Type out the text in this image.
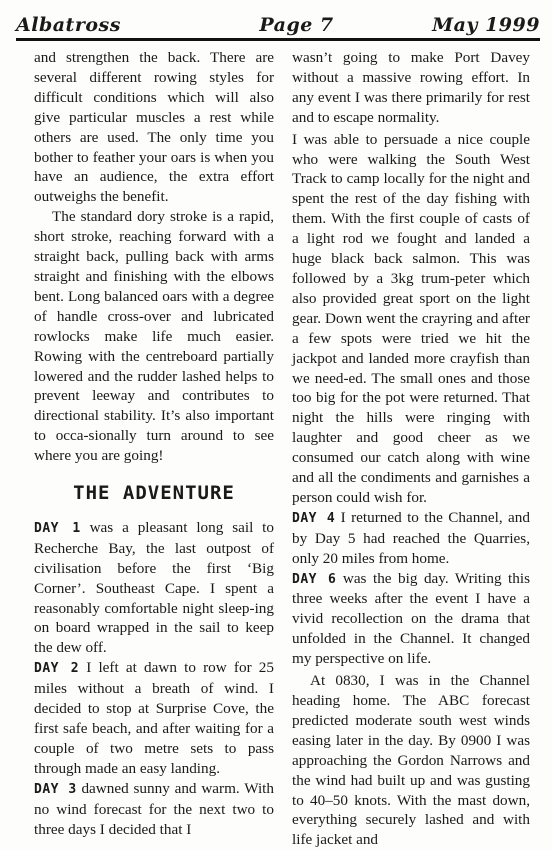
Albatross	Page 7	May 1999

and strengthen the back. There are several different rowing styles for difficult conditions which will also give particular muscles a rest while others are used. The only time you bother to feather your oars is when you have an audience, the extra effort outweighs the benefit.

The standard dory stroke is a rapid, short stroke, reaching forward with a straight back, pulling back with arms straight and finishing with the elbows bent. Long balanced oars with a degree of handle cross-over and lubricated rowlocks make life much easier. Rowing with the centreboard partially lowered and the rudder lashed helps to prevent leeway and contributes to directional stability. It’s also important to occa-sionally turn around to see where you are going!

THE ADVENTURE

DAY 1 was a pleasant long sail to Recherche Bay, the last outpost of civilisation before the first ‘Big Corner’. Southeast Cape. I spent a reasonably comfortable night sleep-ing on board wrapped in the sail to keep the dew off.

DAY 2 I left at dawn to row for 25 miles without a breath of wind. I decided to stop at Surprise Cove, the first safe beach, and after waiting for a couple of two metre sets to pass through made an easy landing.

DAY 3 dawned sunny and warm. With no wind forecast for the next two to three days I decided that I

wasn’t going to make Port Davey without a massive rowing effort. In any event I was there primarily for rest and to escape normality.

I was able to persuade a nice couple who were walking the South West Track to camp locally for the night and spent the rest of the day fishing with them. With the first couple of casts of a light rod we fought and landed a huge black back salmon. This was followed by a 3kg trum-peter which also provided great sport on the light gear. Down went the crayring and after a few spots were tried we hit the jackpot and landed more crayfish than we need-ed. The small ones and those too big for the pot were returned. That night the hills were ringing with laughter and good cheer as we consumed our catch along with wine and all the condiments and garnishes a person could wish for.

DAY 4 I returned to the Channel, and by Day 5 had reached the Quarries, only 20 miles from home.

DAY 6 was the big day. Writing this three weeks after the event I have a vivid recollection on the drama that unfolded in the Channel. It changed my perspective on life.

At 0830, I was in the Channel heading home. The ABC forecast predicted moderate south west winds easing later in the day. By 0900 I was approaching the Gordon Narrows and the wind had built up and was gusting to 40–50 knots. With the mast down, everything securely lashed and with life jacket and
